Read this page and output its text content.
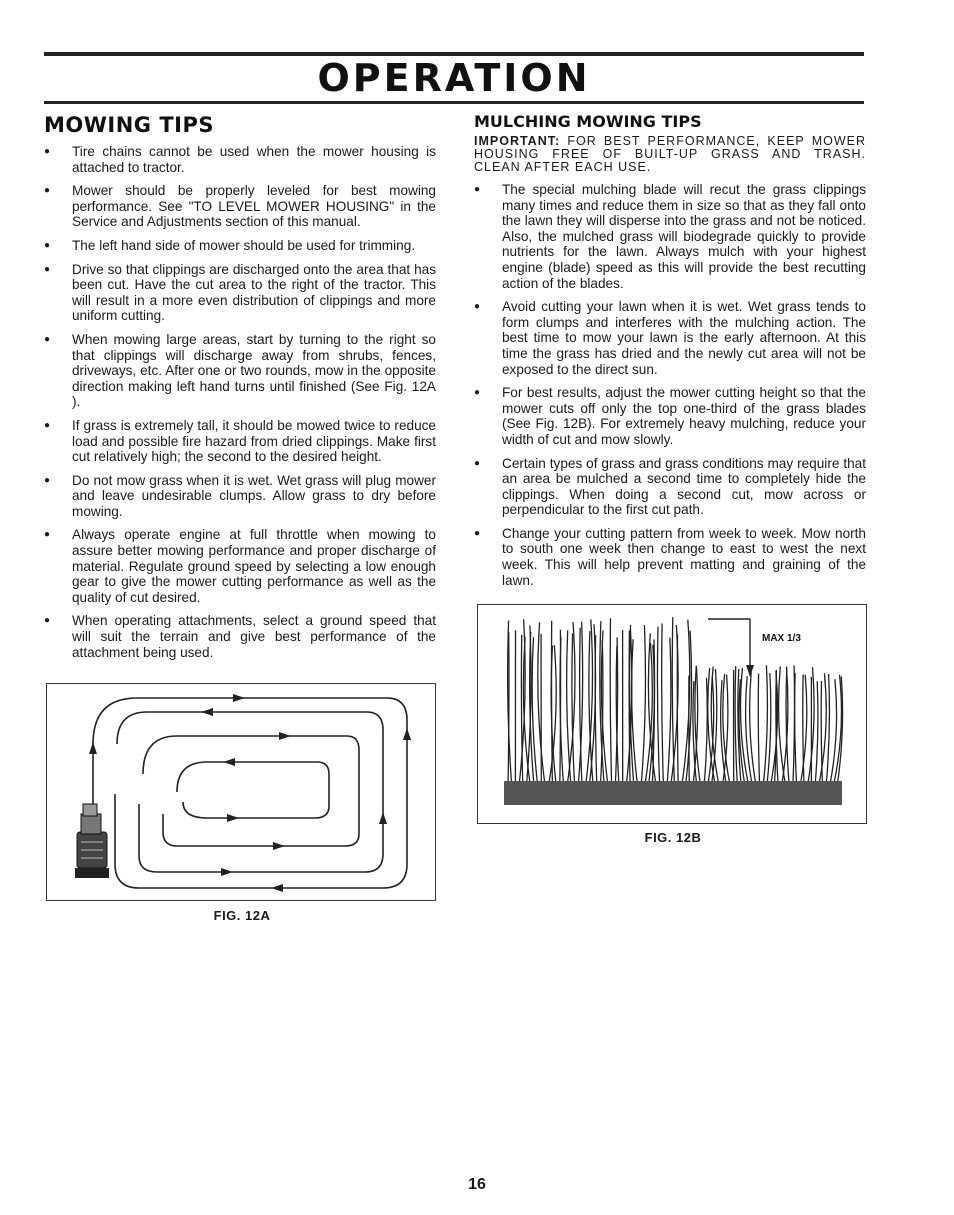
OPERATION
MOWING TIPS
● Tire chains cannot be used when the mower housing is attached to tractor.
● Mower should be properly leveled for best mowing performance. See "TO LEVEL MOWER HOUSING" in the Service and Adjustments section of this manual.
● The left hand side of mower should be used for trimming.
● Drive so that clippings are discharged onto the area that has been cut. Have the cut area to the right of the tractor. This will result in a more even distribution of clippings and more uniform cutting.
● When mowing large areas, start by turning to the right so that clippings will discharge away from shrubs, fences, driveways, etc. After one or two rounds, mow in the opposite direction making left hand turns until finished (See Fig. 12A ).
● If grass is extremely tall, it should be mowed twice to reduce load and possible fire hazard from dried clippings. Make first cut relatively high; the second to the desired height.
● Do not mow grass when it is wet. Wet grass will plug mower and leave undesirable clumps. Allow grass to dry before mowing.
● Always operate engine at full throttle when mowing to assure better mowing performance and proper discharge of material. Regulate ground speed by selecting a low enough gear to give the mower cutting performance as well as the quality of cut desired.
● When operating attachments, select a ground speed that will suit the terrain and give best performance of the attachment being used.
FIG. 12A
MULCHING MOWING TIPS

IMPORTANT: FOR BEST PERFORMANCE, KEEP MOWER HOUSING FREE OF BUILT-UP GRASS AND TRASH. CLEAN AFTER EACH USE.

● The special mulching blade will recut the grass clippings many times and reduce them in size so that as they fall onto the lawn they will disperse into the grass and not be noticed. Also, the mulched grass will biodegrade quickly to provide nutrients for the lawn. Always mulch with your highest engine (blade) speed as this will provide the best recutting action of the blades.
● Avoid cutting your lawn when it is wet. Wet grass tends to form clumps and interferes with the mulching action. The best time to mow your lawn is the early afternoon. At this time the grass has dried and the newly cut area will not be exposed to the direct sun.
● For best results, adjust the mower cutting height so that the mower cuts off only the top one-third of the grass blades (See Fig. 12B). For extremely heavy mulching, reduce your width of cut and mow slowly.
● Certain types of grass and grass conditions may require that an area be mulched a second time to completely hide the clippings. When doing a second cut, mow across or perpendicular to the first cut path.
● Change your cutting pattern from week to week. Mow north to south one week then change to east to west the next week. This will help prevent matting and graining of the lawn.
MAX 1/3
FIG. 12B
16
